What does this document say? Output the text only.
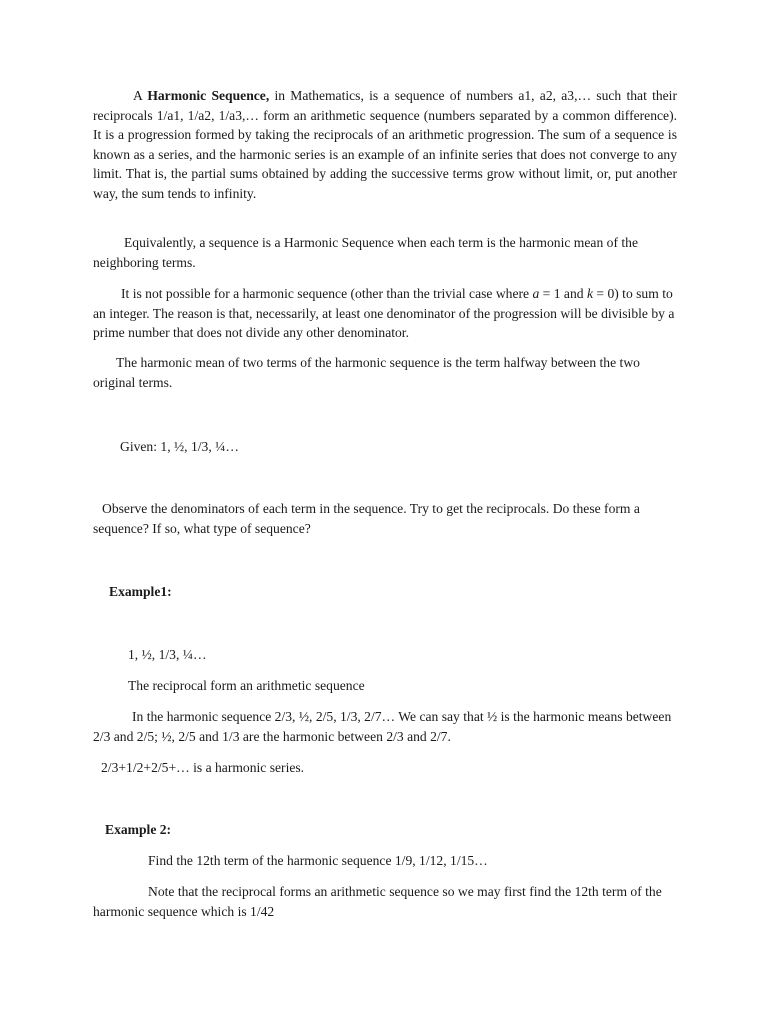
A Harmonic Sequence, in Mathematics, is a sequence of numbers a1, a2, a3,… such that their reciprocals 1/a1, 1/a2, 1/a3,… form an arithmetic sequence (numbers separated by a common difference). It is a progression formed by taking the reciprocals of an arithmetic progression. The sum of a sequence is known as a series, and the harmonic series is an example of an infinite series that does not converge to any limit. That is, the partial sums obtained by adding the successive terms grow without limit, or, put another way, the sum tends to infinity.

Equivalently, a sequence is a Harmonic Sequence when each term is the harmonic mean of the neighboring terms.

It is not possible for a harmonic sequence (other than the trivial case where a = 1 and k = 0) to sum to an integer. The reason is that, necessarily, at least one denominator of the progression will be divisible by a prime number that does not divide any other denominator.

The harmonic mean of two terms of the harmonic sequence is the term halfway between the two original terms.

Given: 1, ½, 1/3, ¼…

Observe the denominators of each term in the sequence. Try to get the reciprocals. Do these form a sequence? If so, what type of sequence?

Example1:

1, ½, 1/3, ¼…

The reciprocal form an arithmetic sequence

In the harmonic sequence 2/3, ½, 2/5, 1/3, 2/7… We can say that ½ is the harmonic means between 2/3 and 2/5; ½, 2/5 and 1/3 are the harmonic between 2/3 and 2/7.

2/3+1/2+2/5+… is a harmonic series.

Example 2:

Find the 12th term of the harmonic sequence 1/9, 1/12, 1/15…

Note that the reciprocal forms an arithmetic sequence so we may first find the 12th term of the harmonic sequence which is 1/42
